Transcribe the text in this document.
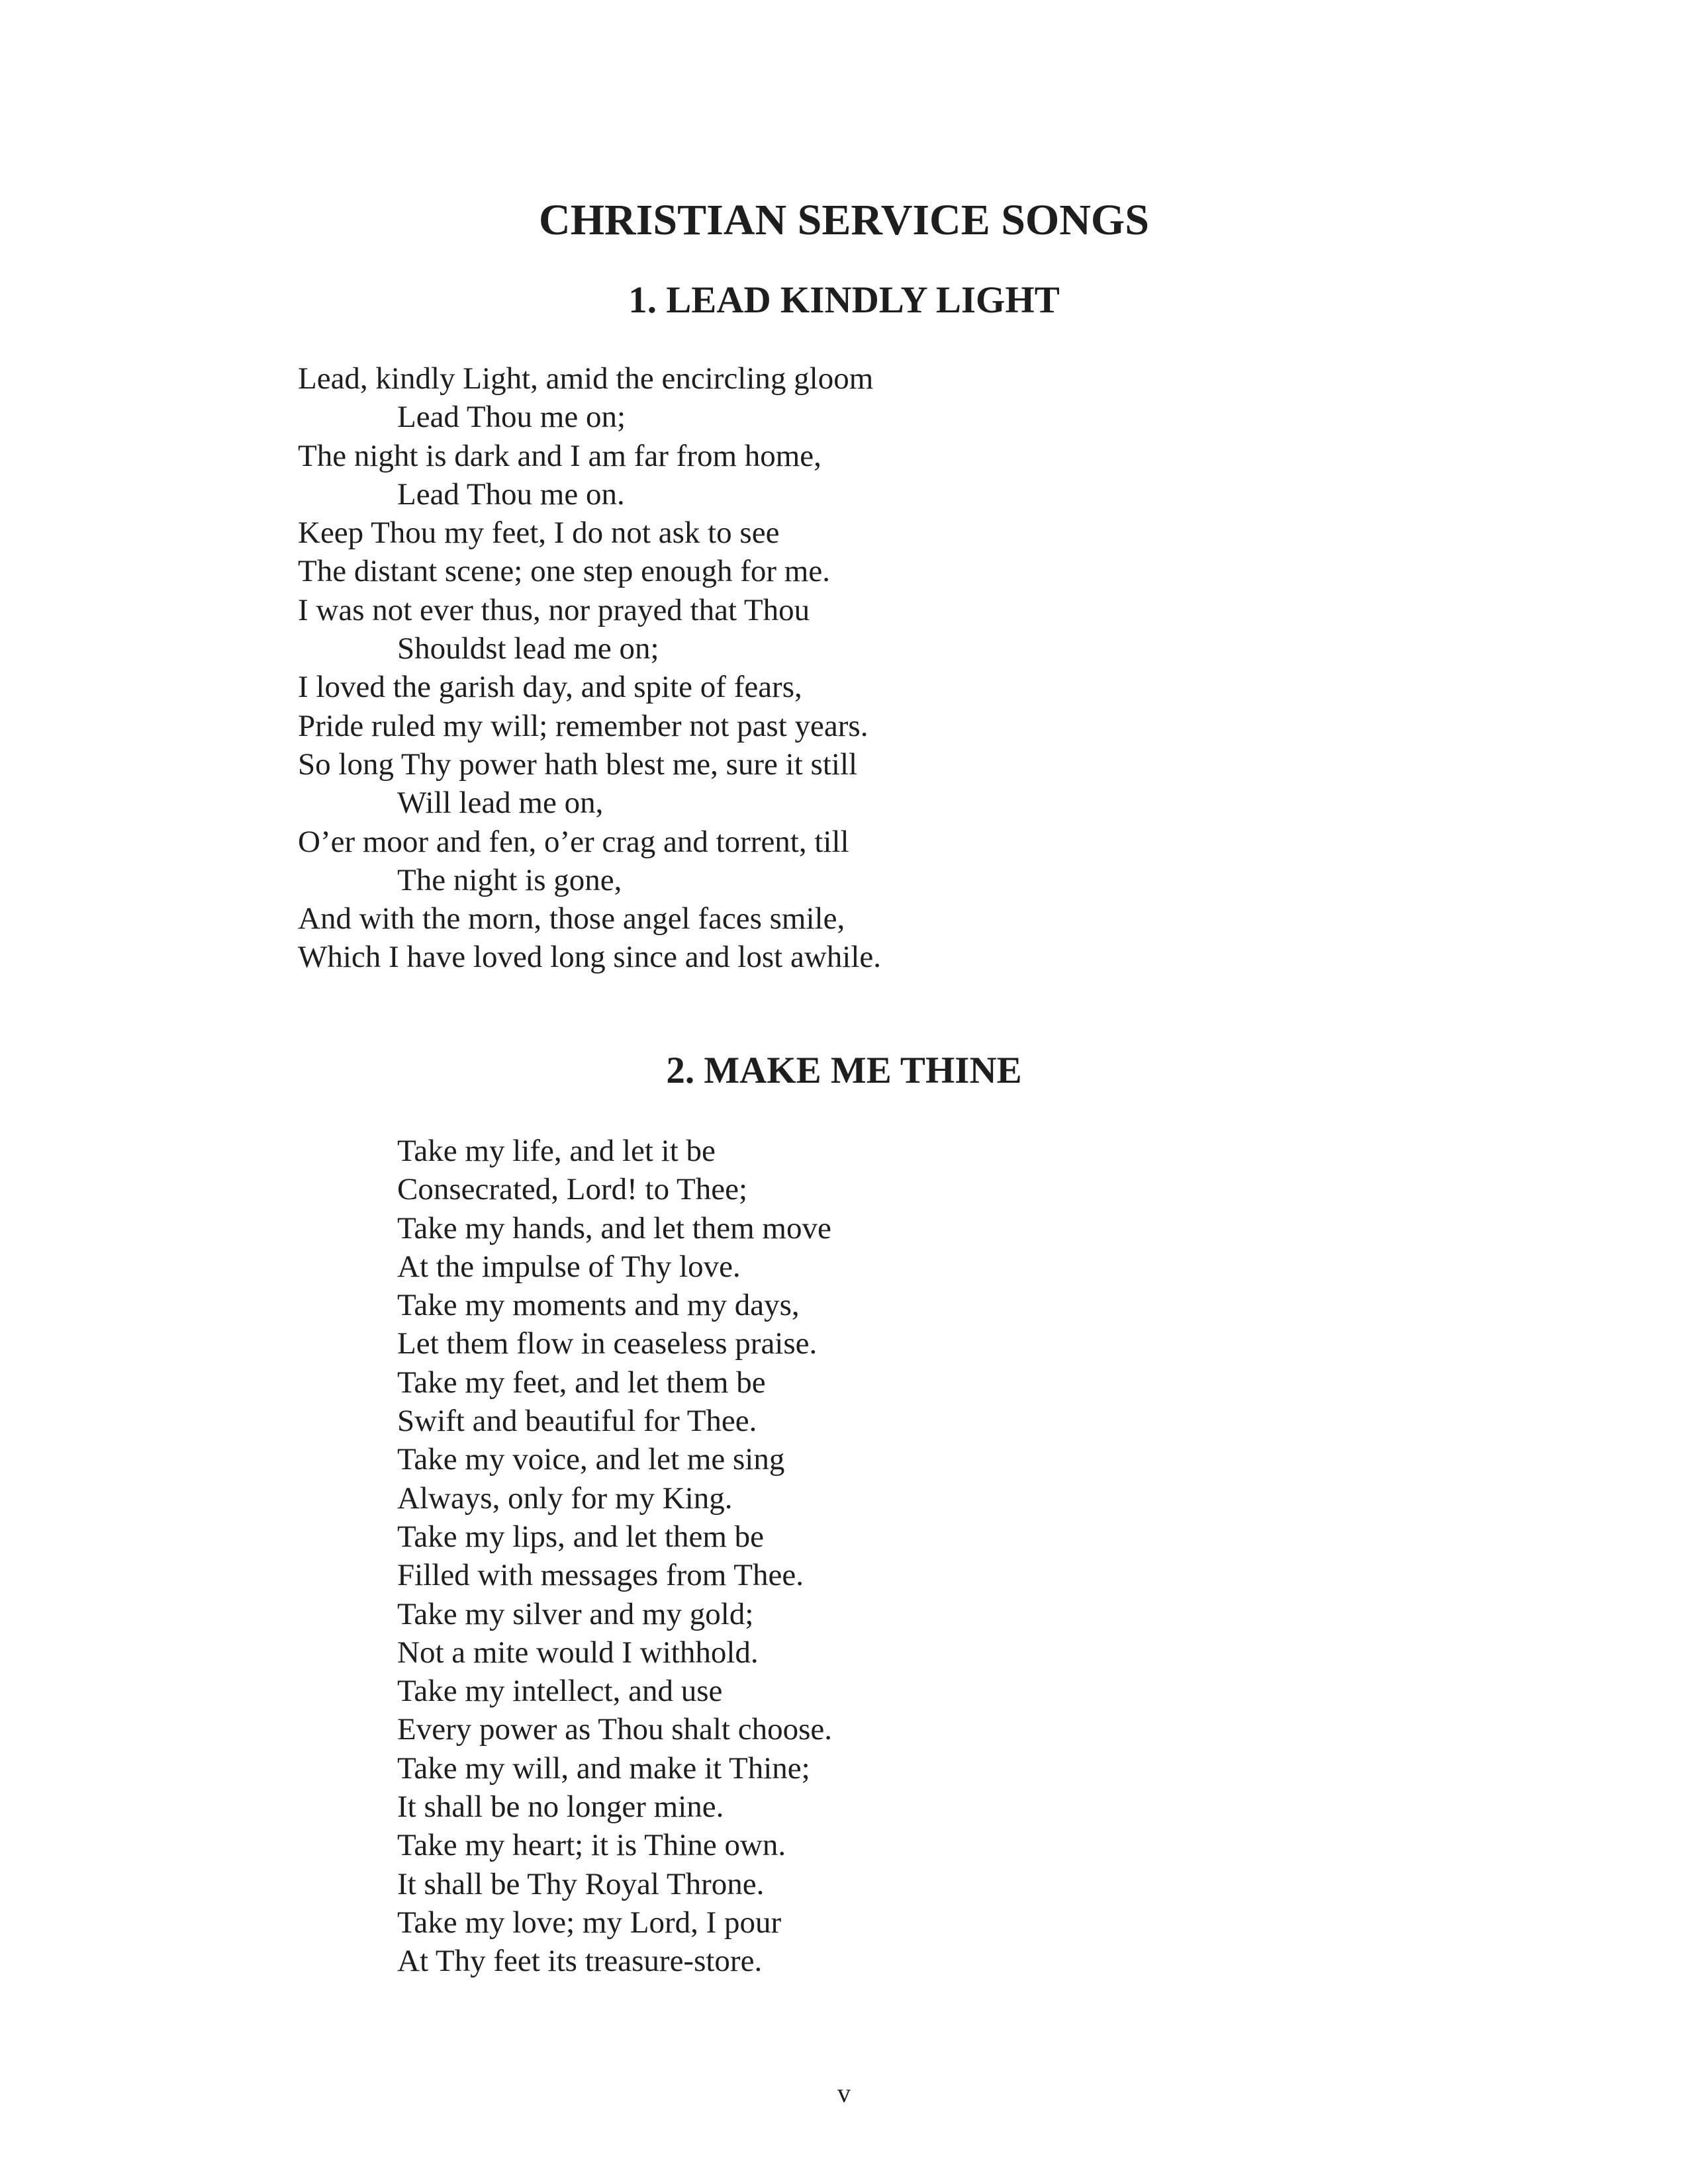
CHRISTIAN SERVICE SONGS
1. LEAD KINDLY LIGHT
Lead, kindly Light, amid the encircling gloom
Lead Thou me on;
The night is dark and I am far from home,
Lead Thou me on.
Keep Thou my feet, I do not ask to see
The distant scene; one step enough for me.
I was not ever thus, nor prayed that Thou
Shouldst lead me on;
I loved the garish day, and spite of fears,
Pride ruled my will; remember not past years.
So long Thy power hath blest me, sure it still
Will lead me on,
O’er moor and fen, o’er crag and torrent, till
The night is gone,
And with the morn, those angel faces smile,
Which I have loved long since and lost awhile.
2. MAKE ME THINE
Take my life, and let it be
Consecrated, Lord! to Thee;
Take my hands, and let them move
At the impulse of Thy love.
Take my moments and my days,
Let them flow in ceaseless praise.
Take my feet, and let them be
Swift and beautiful for Thee.
Take my voice, and let me sing
Always, only for my King.
Take my lips, and let them be
Filled with messages from Thee.
Take my silver and my gold;
Not a mite would I withhold.
Take my intellect, and use
Every power as Thou shalt choose.
Take my will, and make it Thine;
It shall be no longer mine.
Take my heart; it is Thine own.
It shall be Thy Royal Throne.
Take my love; my Lord, I pour
At Thy feet its treasure-store.
v
